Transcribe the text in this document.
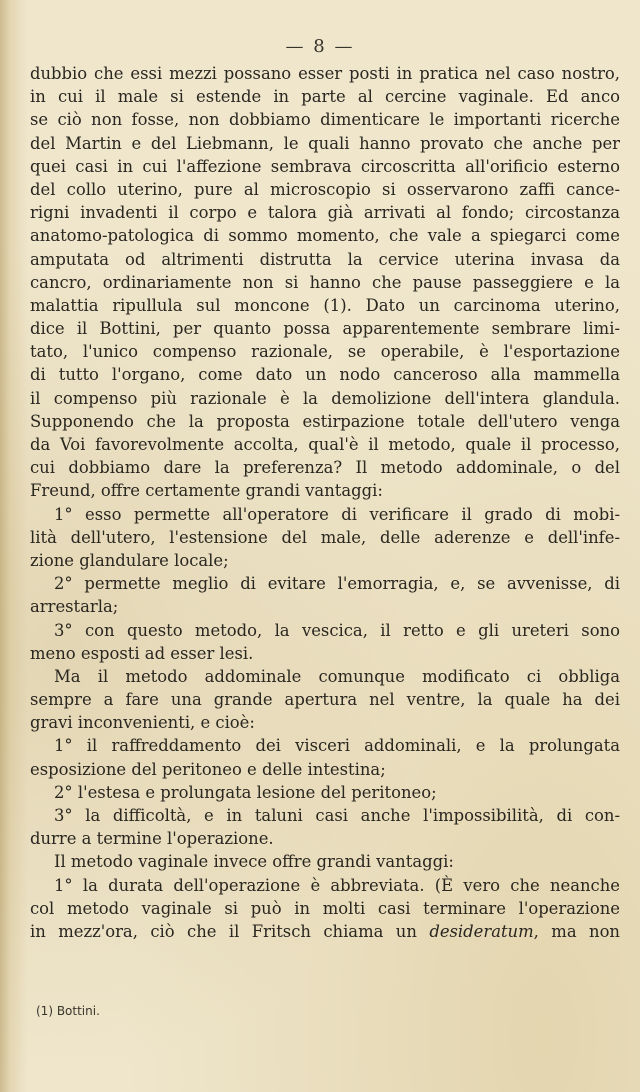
— 8 —
dubbio che essi mezzi possano esser posti in pratica nel caso nostro,
in cui il male si estende in parte al cercine vaginale. Ed anco
se ciò non fosse, non dobbiamo dimenticare le importanti ricerche
del Martin e del Liebmann, le quali hanno provato che anche per
quei casi in cui l'affezione sembrava circoscritta all'orificio esterno
del collo uterino, pure al microscopio si osservarono zaffi cance-
rigni invadenti il corpo e talora già arrivati al fondo; circostanza
anatomo-patologica di sommo momento, che vale a spiegarci come
amputata od altrimenti distrutta la cervice uterina invasa da
cancro, ordinariamente non si hanno che pause passeggiere e la
malattia ripullula sul moncone (1). Dato un carcinoma uterino,
dice il Bottini, per quanto possa apparentemente sembrare limi-
tato, l'unico compenso razionale, se operabile, è l'esportazione
di tutto l'organo, come dato un nodo canceroso alla mammella
il compenso più razionale è la demolizione dell'intera glandula.
Supponendo che la proposta estirpazione totale dell'utero venga
da Voi favorevolmente accolta, qual'è il metodo, quale il processo,
cui dobbiamo dare la preferenza? Il metodo addominale, o del
Freund, offre certamente grandi vantaggi:
1° esso permette all'operatore di verificare il grado di mobi-
lità dell'utero, l'estensione del male, delle aderenze e dell'infe-
zione glandulare locale;
2° permette meglio di evitare l'emorragia, e, se avvenisse, di
arrestarla;
3° con questo metodo, la vescica, il retto e gli ureteri sono
meno esposti ad esser lesi.
Ma il metodo addominale comunque modificato ci obbliga
sempre a fare una grande apertura nel ventre, la quale ha dei
gravi inconvenienti, e cioè:
1° il raffreddamento dei visceri addominali, e la prolungata
esposizione del peritoneo e delle intestina;
2° l'estesa e prolungata lesione del peritoneo;
3° la difficoltà, e in taluni casi anche l'impossibilità, di con-
durre a termine l'operazione.
Il metodo vaginale invece offre grandi vantaggi:
1° la durata dell'operazione è abbreviata. (È vero che neanche
col metodo vaginale si può in molti casi terminare l'operazione
in mezz'ora, ciò che il Fritsch chiama un desideratum, ma non
(1) Bottini.
